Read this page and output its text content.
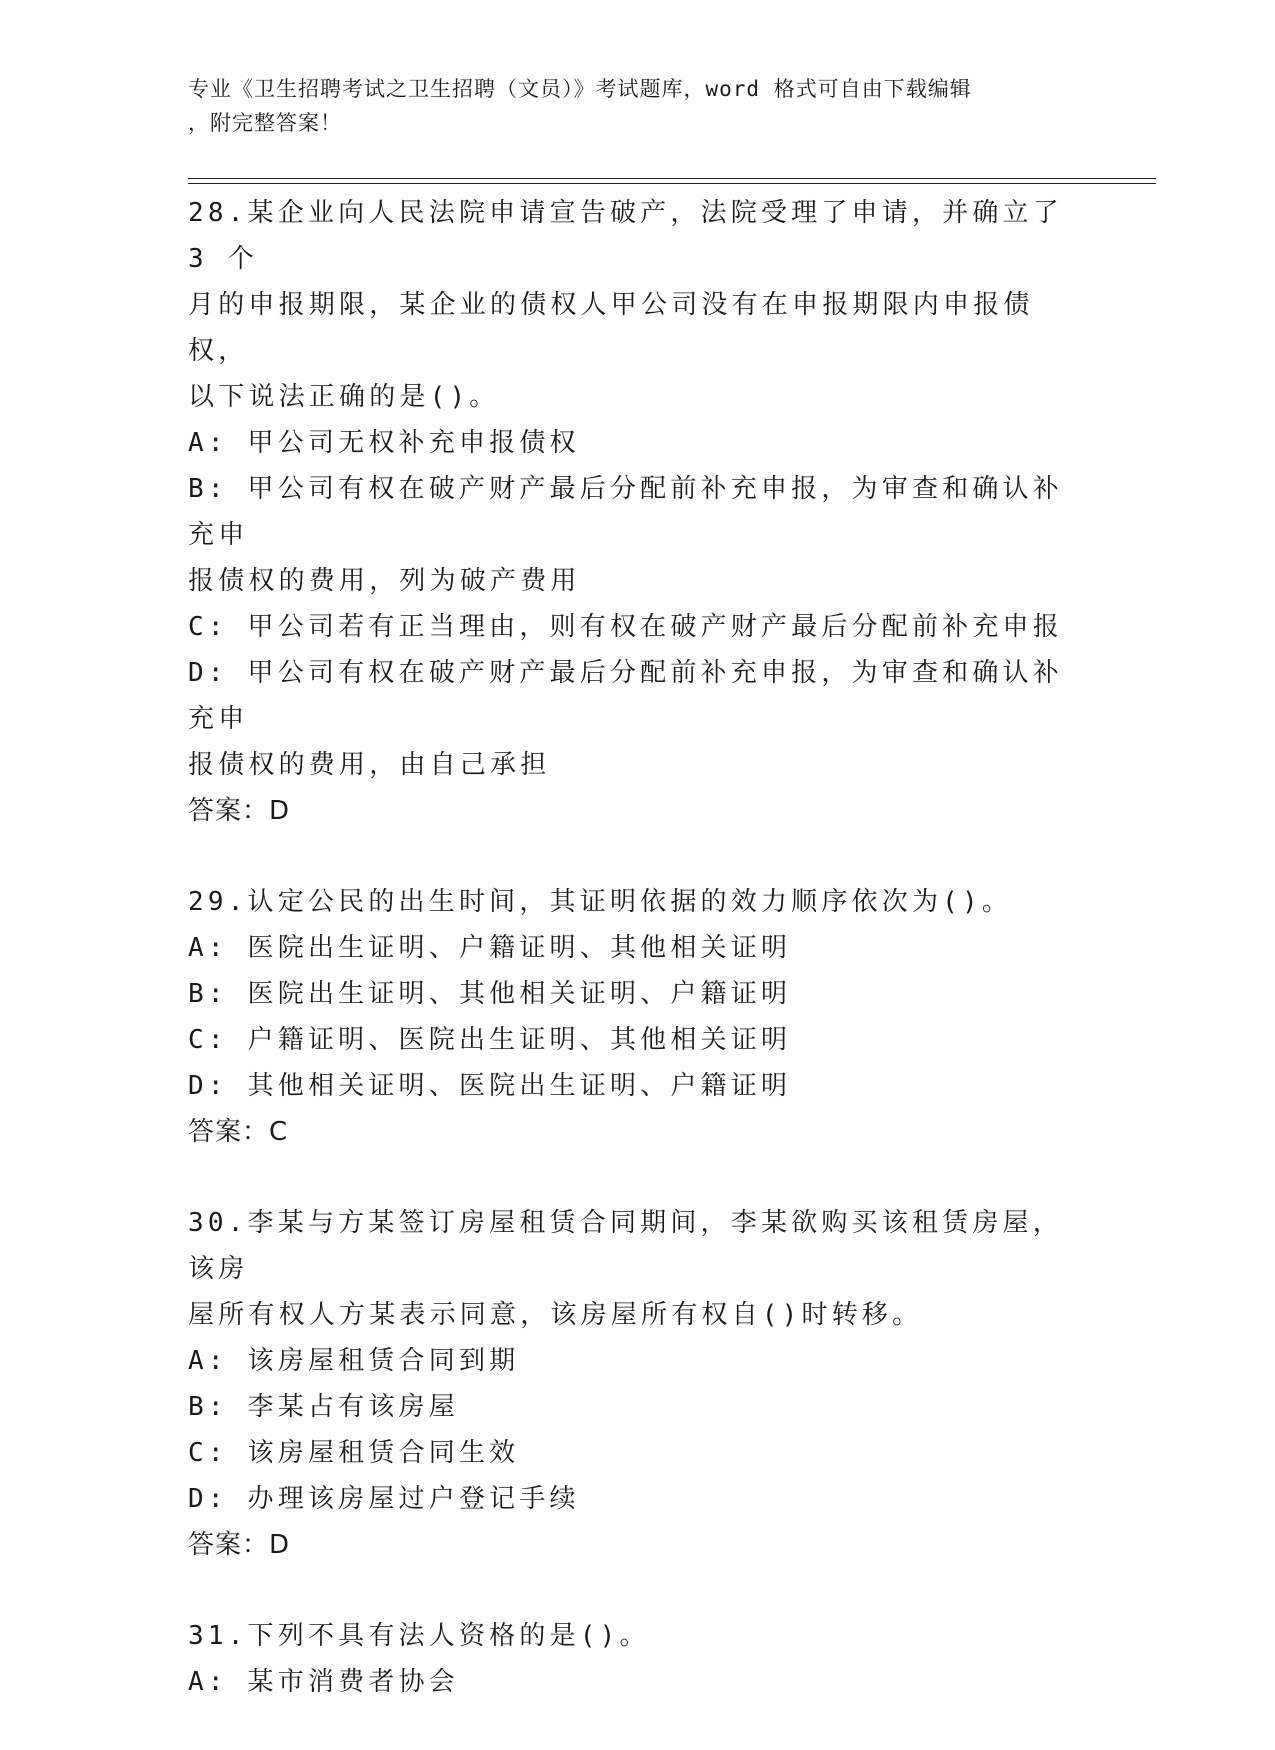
专业《卫生招聘考试之卫生招聘（文员）》考试题库，word 格式可自由下载编辑
，附完整答案！
28.某企业向人民法院申请宣告破产，法院受理了申请，并确立了 3 个
月的申报期限，某企业的债权人甲公司没有在申报期限内申报债权，
以下说法正确的是()。
A: 甲公司无权补充申报债权
B: 甲公司有权在破产财产最后分配前补充申报，为审查和确认补充申
报债权的费用，列为破产费用
C: 甲公司若有正当理由，则有权在破产财产最后分配前补充申报
D: 甲公司有权在破产财产最后分配前补充申报，为审查和确认补充申
报债权的费用，由自己承担
答案：D
29.认定公民的出生时间，其证明依据的效力顺序依次为()。
A: 医院出生证明、户籍证明、其他相关证明
B: 医院出生证明、其他相关证明、户籍证明
C: 户籍证明、医院出生证明、其他相关证明
D: 其他相关证明、医院出生证明、户籍证明
答案：C
30.李某与方某签订房屋租赁合同期间，李某欲购买该租赁房屋，该房
屋所有权人方某表示同意，该房屋所有权自()时转移。
A: 该房屋租赁合同到期
B: 李某占有该房屋
C: 该房屋租赁合同生效
D: 办理该房屋过户登记手续
答案：D
31.下列不具有法人资格的是()。
A: 某市消费者协会
